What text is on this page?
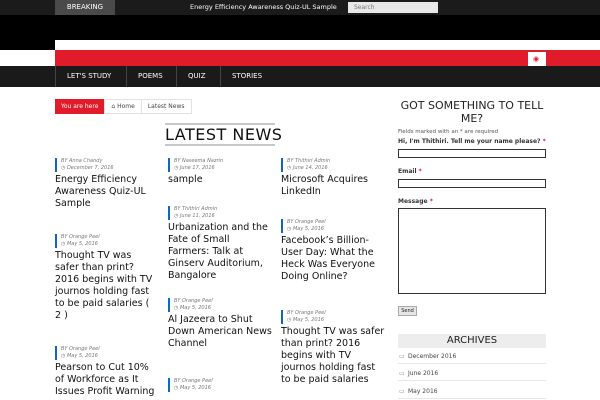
BREAKING	Energy Efficiency Awareness Quiz-UL Sample
Search
◉
LET'S STUDY	POEMS	QUIZ	STORIES
You are here	⌂ Home	Latest News
LATEST NEWS
BY Anna Chandy
◷ December 7, 2016
Energy Efficiency Awareness Quiz-UL Sample
BY Orange Peel
◷ May 5, 2016
Thought TV was safer than print? 2016 begins with TV journos holding fast to be paid salaries ( 2 )
BY Orange Peel
◷ May 5, 2016
Pearson to Cut 10% of Workforce as It Issues Profit Warning
BY Naseema Nazrin
◷ June 17, 2016
sample
BY Thithiri Admin
◷ June 11, 2016
Urbanization and the Fate of Small Farmers: Talk at Ginserv Auditorium, Bangalore
BY Orange Peel
◷ May 5, 2016
Al Jazeera to Shut Down American News Channel
BY Orange Peel
◷ May 5, 2016
BY Thithiri Admin
◷ June 14, 2016
Microsoft Acquires LinkedIn
BY Orange Peel
◷ May 5, 2016
Facebook’s Billion-User Day: What the Heck Was Everyone Doing Online?
BY Orange Peel
◷ May 5, 2016
Thought TV was safer than print? 2016 begins with TV journos holding fast to be paid salaries
GOT SOMETHING TO TELL ME?
Fields marked with an * are required
Hi, I'm Thithiri. Tell me your name please? *
Email *
Message *
Send
ARCHIVES
▭ December 2016
▭ June 2016
▭ May 2016
